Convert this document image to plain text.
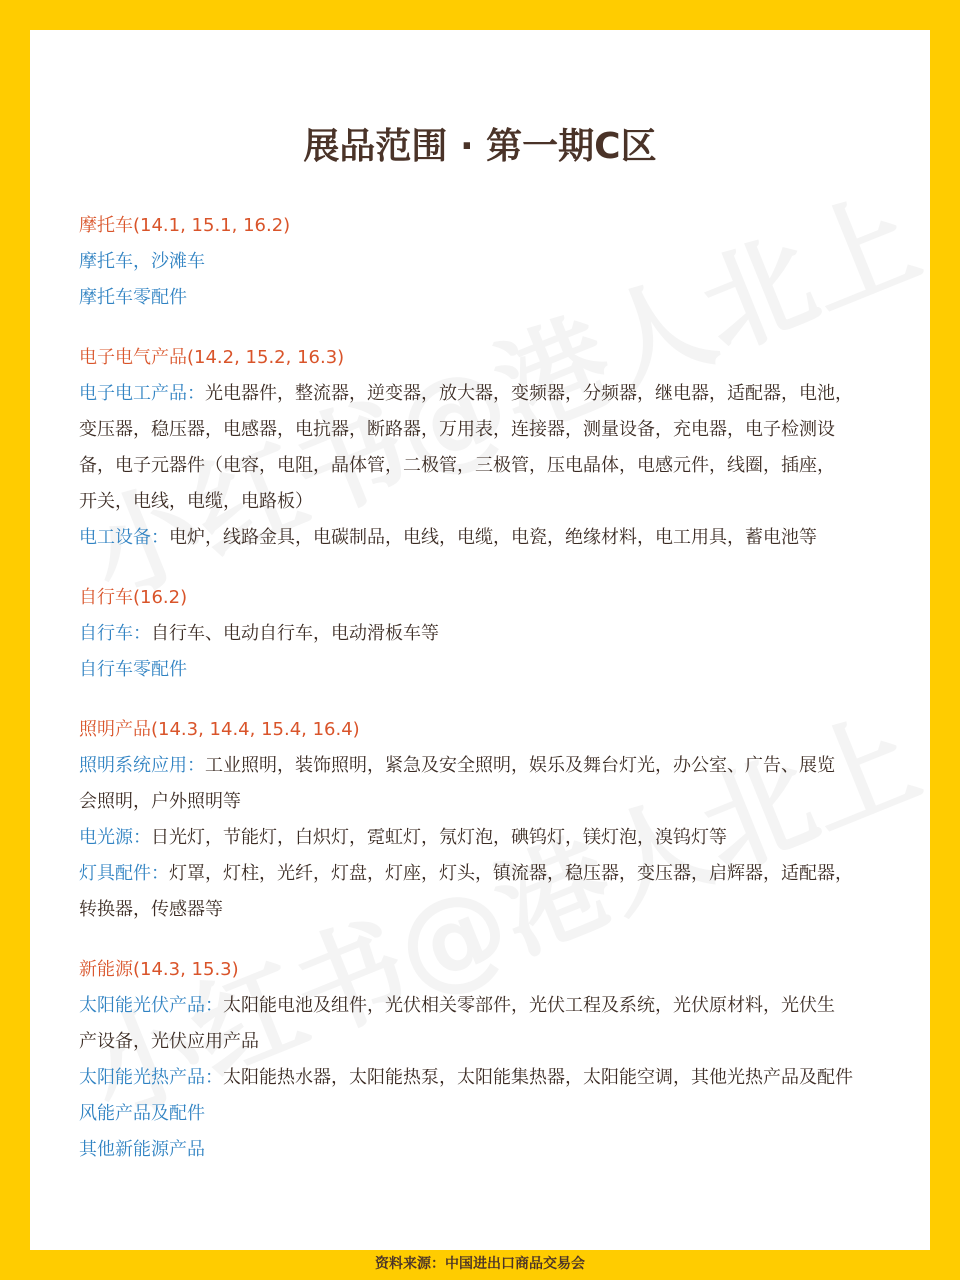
展品范围 · 第一期C区
摩托车(14.1, 15.1, 16.2)
摩托车，沙滩车
摩托车零配件
电子电气产品(14.2, 15.2, 16.3)
电子电工产品：光电器件，整流器，逆变器，放大器，变频器，分频器，继电器，适配器，电池，
变压器，稳压器，电感器，电抗器，断路器，万用表，连接器，测量设备，充电器，电子检测设
备，电子元器件（电容，电阻，晶体管，二极管，三极管，压电晶体，电感元件，线圈，插座，
开关，电线，电缆，电路板）
电工设备：电炉，线路金具，电碳制品，电线，电缆，电瓷，绝缘材料，电工用具，蓄电池等
自行车(16.2)
自行车：自行车、电动自行车，电动滑板车等
自行车零配件
照明产品(14.3, 14.4, 15.4, 16.4)
照明系统应用：工业照明，装饰照明，紧急及安全照明，娱乐及舞台灯光，办公室、广告、展览
会照明，户外照明等
电光源：日光灯，节能灯，白炽灯，霓虹灯，氖灯泡，碘钨灯，镁灯泡，溴钨灯等
灯具配件：灯罩，灯柱，光纤，灯盘，灯座，灯头，镇流器，稳压器，变压器，启辉器，适配器，
转换器，传感器等
新能源(14.3, 15.3)
太阳能光伏产品：太阳能电池及组件，光伏相关零部件，光伏工程及系统，光伏原材料，光伏生
产设备，光伏应用产品
太阳能光热产品：太阳能热水器，太阳能热泵，太阳能集热器，太阳能空调，其他光热产品及配件
风能产品及配件
其他新能源产品
资料来源：中国进出口商品交易会
